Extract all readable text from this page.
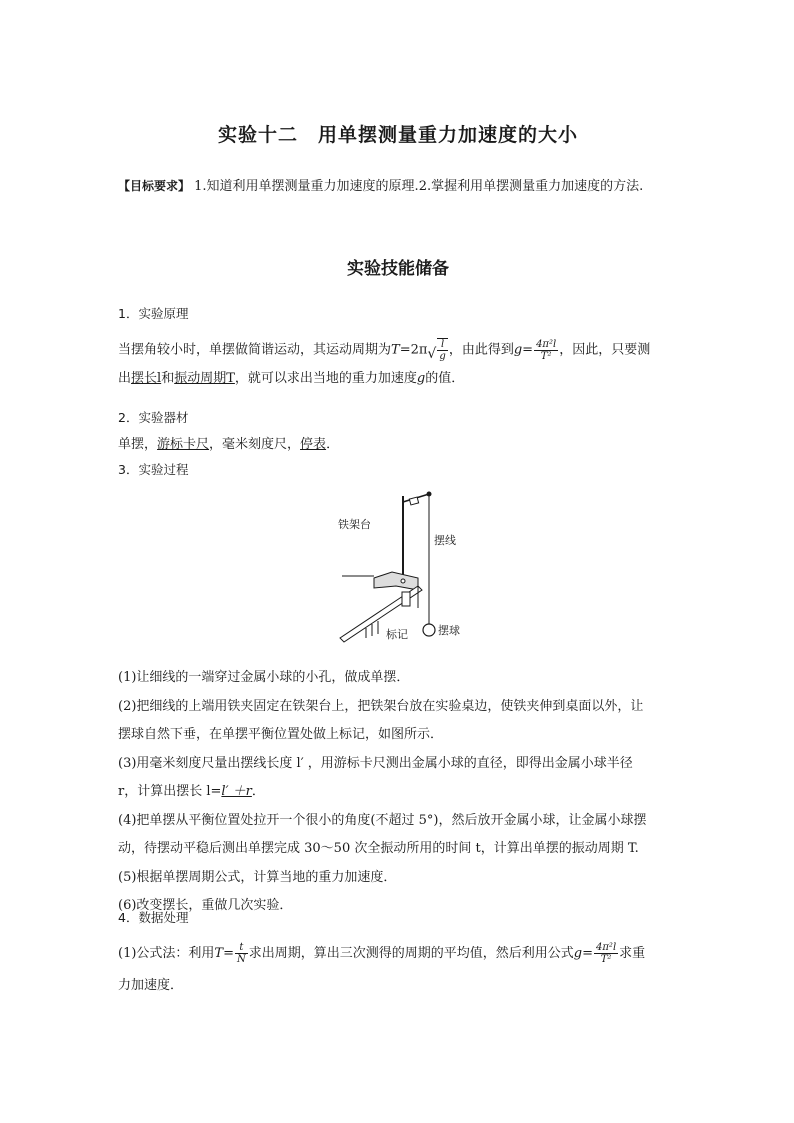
实验十二　用单摆测量重力加速度的大小
【目标要求】 1.知道利用单摆测量重力加速度的原理.2.掌握利用单摆测量重力加速度的方法.
实验技能储备
1．实验原理

当摆角较小时，单摆做简谐运动，其运动周期为T=2π
√ $\frac{l}{g}$ ，由此得到$g= \frac{\text{4π²l}}{\text{T²}}$ ，因此，只要测

出摆长l和振动周期T，就可以求出当地的重力加速度g的值．

2．实验器材
单摆，游标卡尺，毫米刻度尺，停表．
3．实验过程
铁架台
摆线
标记	摆球

(1)让细线的一端穿过金属小球的小孔，做成单摆．

(2)把细线的上端用铁夹固定在铁架台上，把铁架台放在实验桌边，使铁夹伸到桌面以外，让

摆球自然下垂，在单摆平衡位置处做上标记，如图所示．

(3)用毫米刻度尺量出摆线长度 l′ ，用游标卡尺测出金属小球的直径，即得出金属小球半径

r，计算出摆长 l=l′ ＋r．

(4)把单摆从平衡位置处拉开一个很小的角度(不超过 5°)，然后放开金属小球，让金属小球摆

动，待摆动平稳后测出单摆完成 30～50 次全振动所用的时间 t，计算出单摆的振动周期 T.

(5)根据单摆周期公式，计算当地的重力加速度．

(6)改变摆长，重做几次实验．

4．数据处理

(1)公式法：利用$T= \frac{t}{N}$ 求出周期，算出三次测得的周期的平均值，然后利用公式$g= \frac{\text{4π²l}}{\text{T²}}$ 求重

力加速度．
